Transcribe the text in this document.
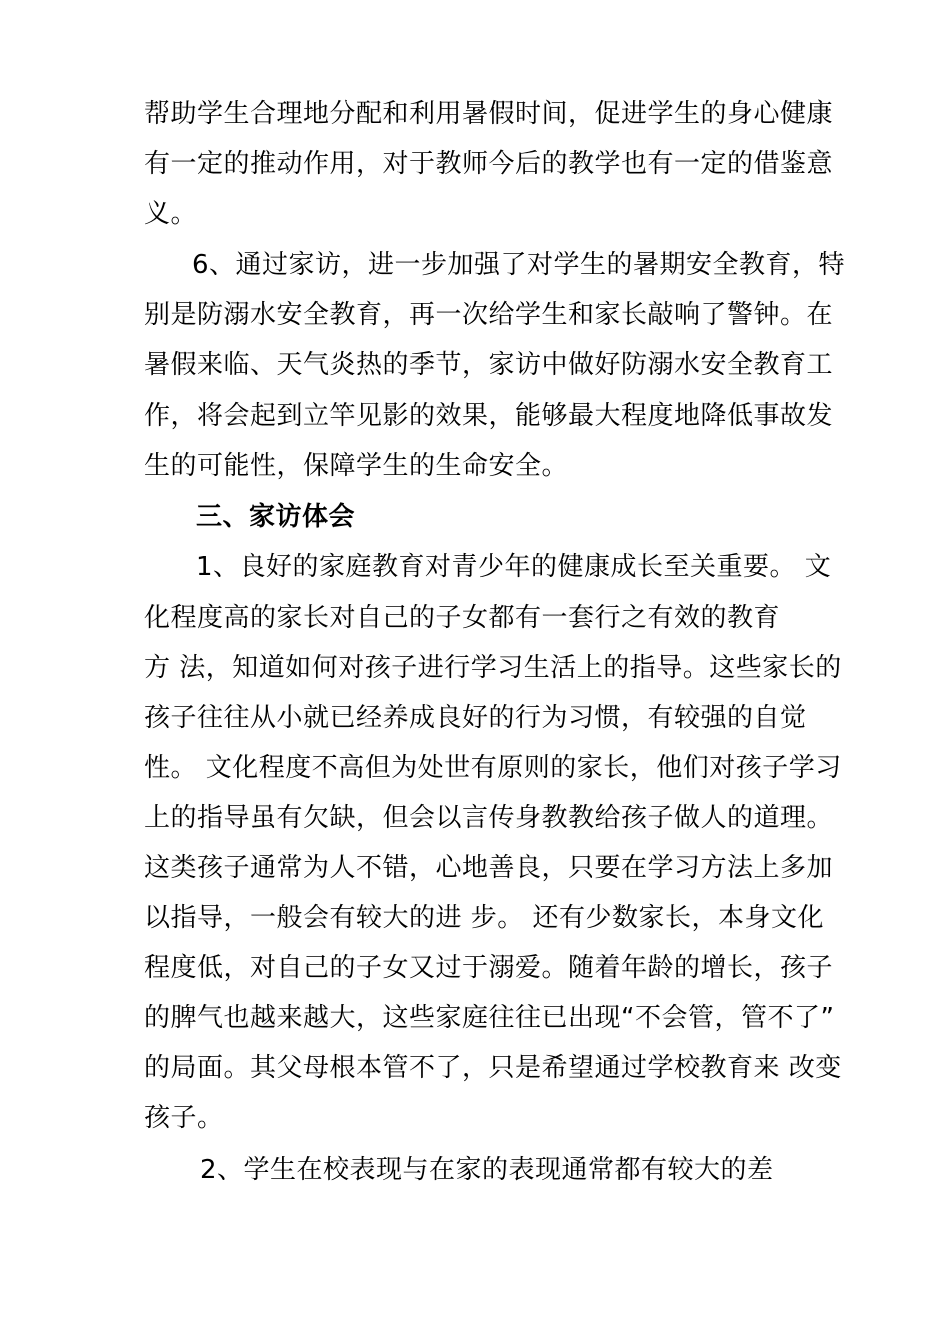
帮助学生合理地分配和利用暑假时间，促进学生的身心健康
有一定的推动作用，对于教师今后的教学也有一定的借鉴意
义。
6、通过家访，进一步加强了对学生的暑期安全教育，特
别是防溺水安全教育，再一次给学生和家长敲响了警钟。在
暑假来临、天气炎热的季节，家访中做好防溺水安全教育工
作，将会起到立竿见影的效果，能够最大程度地降低事故发
生的可能性，保障学生的生命安全。
三、家访体会
1、良好的家庭教育对青少年的健康成长至关重要。 文
化程度高的家长对自己的子女都有一套行之有效的教育
方 法，知道如何对孩子进行学习生活上的指导。这些家长的
孩子往往从小就已经养成良好的行为习惯，有较强的自觉
性。 文化程度不高但为处世有原则的家长，他们对孩子学习
上的指导虽有欠缺，但会以言传身教教给孩子做人的道理。
这类孩子通常为人不错，心地善良，只要在学习方法上多加
以指导，一般会有较大的进 步。 还有少数家长，本身文化
程度低，对自己的子女又过于溺爱。随着年龄的增长，孩子
的脾气也越来越大，这些家庭往往已出现“不会管，管不了”
的局面。其父母根本管不了，只是希望通过学校教育来 改变
孩子。
2、学生在校表现与在家的表现通常都有较大的差
